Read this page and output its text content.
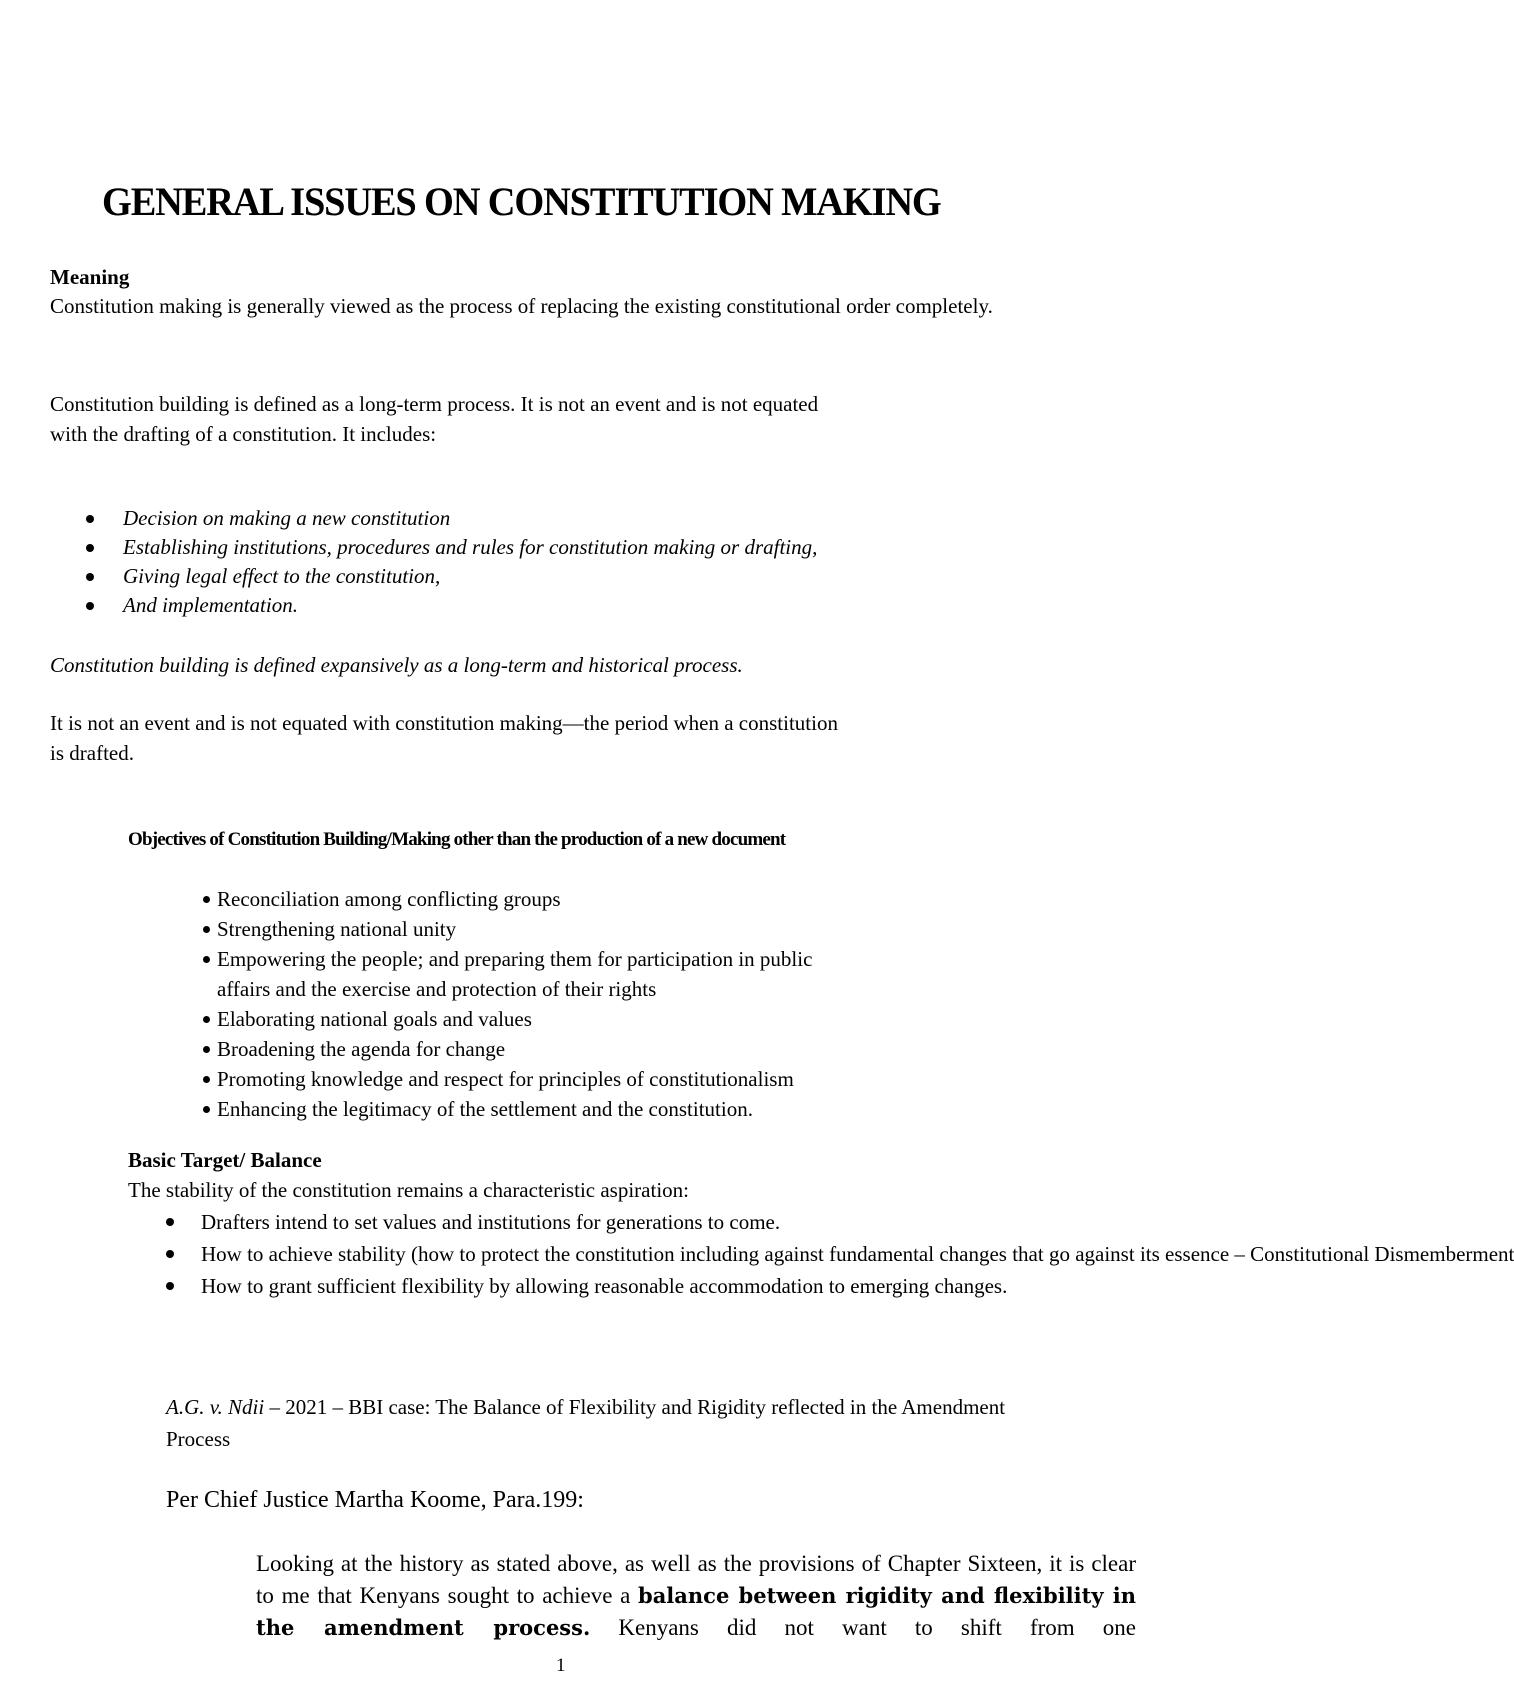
GENERAL ISSUES ON CONSTITUTION MAKING
Meaning
Constitution making is generally viewed as the process of replacing the existing constitutional order completely.
Constitution building is defined as a long-term process. It is not an event and is not equated
with the drafting of a constitution. It includes:
Decision on making a new constitution
Establishing institutions, procedures and rules for constitution making or drafting,
Giving legal effect to the constitution,
And implementation.
Constitution building is defined expansively as a long-term and historical process.
It is not an event and is not equated with constitution making—the period when a constitution
is drafted.
Objectives of Constitution Building/Making other than the production of a new document
Reconciliation among conflicting groups
Strengthening national unity
Empowering the people; and preparing them for participation in public
affairs and the exercise and protection of their rights
Elaborating national goals and values
Broadening the agenda for change
Promoting knowledge and respect for principles of constitutionalism
Enhancing the legitimacy of the settlement and the constitution.
Basic Target/ Balance
The stability of the constitution remains a characteristic aspiration:
Drafters intend to set values and institutions for generations to come.
How to achieve stability (how to protect the constitution including against fundamental changes that go against its essence – Constitutional Dismemberment
How to grant sufficient flexibility by allowing reasonable accommodation to emerging changes.
A.G. v. Ndii – 2021 – BBI case: The Balance of Flexibility and Rigidity reflected in the Amendment Process
Per Chief Justice Martha Koome, Para.199:
Looking at the history as stated above, as well as the provisions of Chapter Sixteen, it is clear to me that Kenyans sought to achieve a balance between rigidity and flexibility in the amendment process. Kenyans did not want to shift from one
1
